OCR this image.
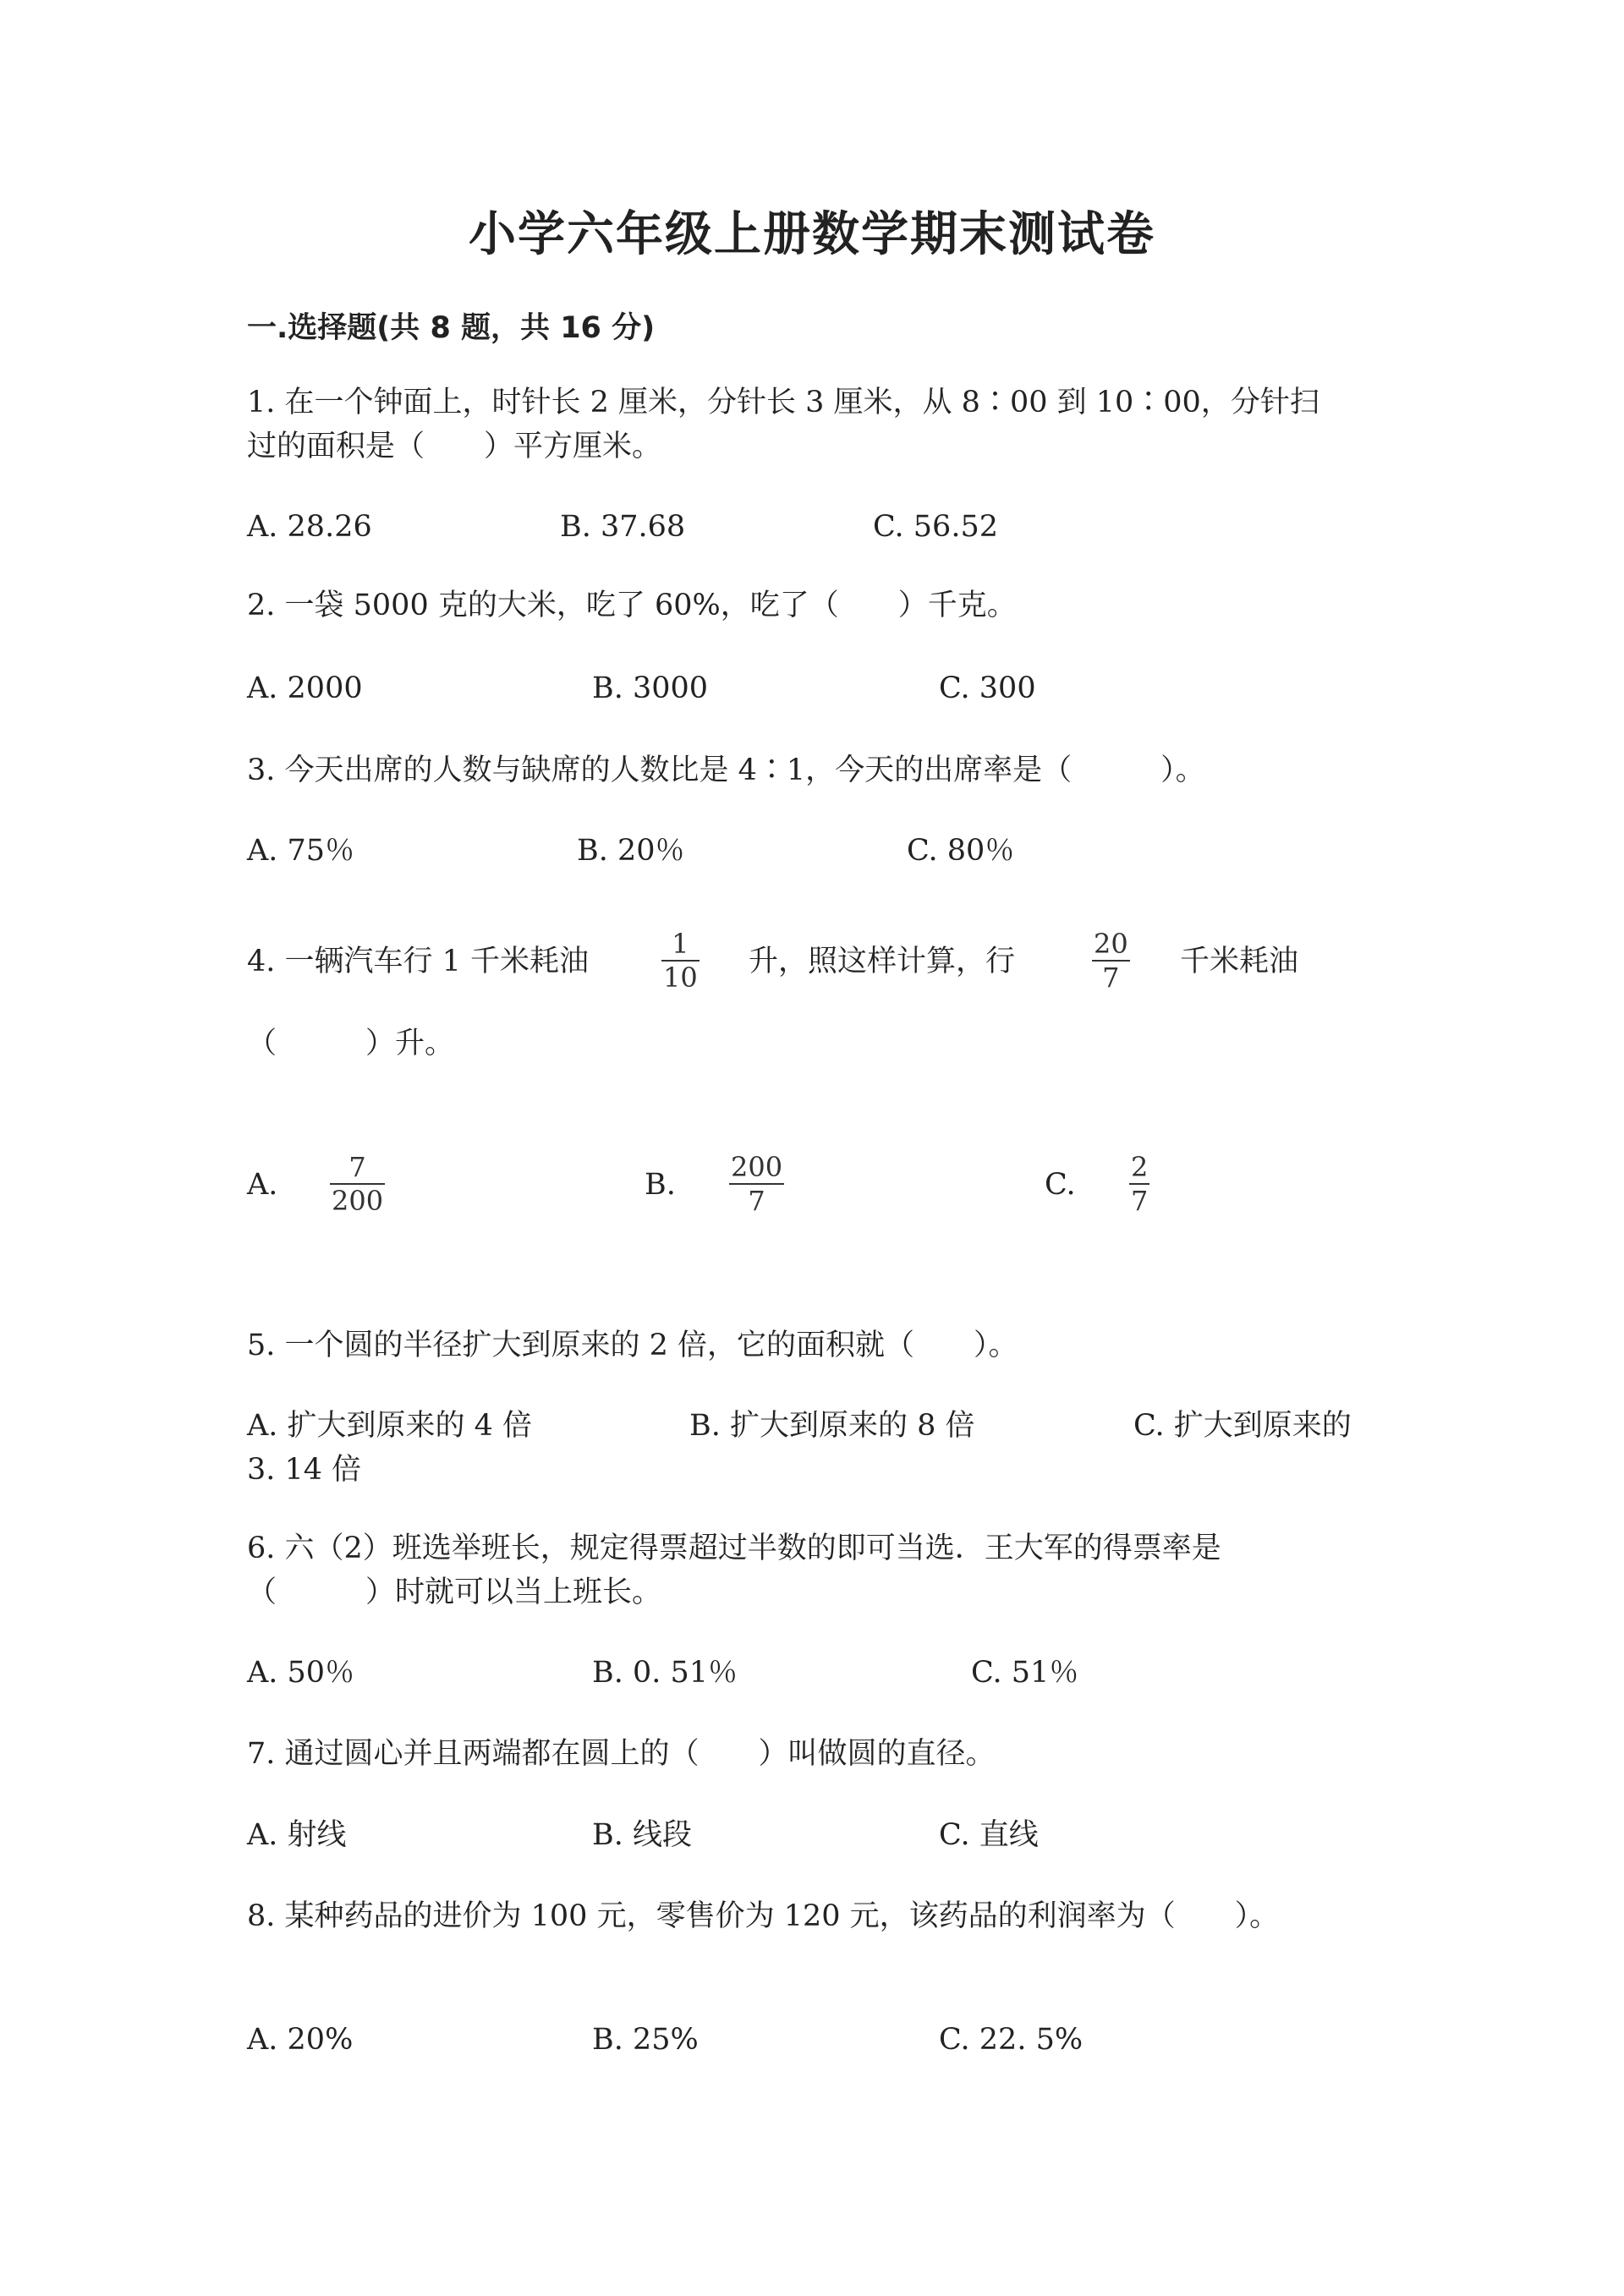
小学六年级上册数学期末测试卷
一.选择题(共 8 题，共 16 分)
1. 在一个钟面上，时针长 2 厘米，分针长 3 厘米，从 8∶00 到 10∶00，分针扫
过的面积是（　　）平方厘米。
A. 28.26	B. 37.68	C. 56.52
2. 一袋 5000 克的大米，吃了 60%，吃了（　　）千克。
A. 2000	B. 3000	C. 300
3. 今天出席的人数与缺席的人数比是 4∶1，今天的出席率是（　　　）。
A. 75％	B. 20％	C. 80％
4. 一辆汽车行 1 千米耗油
1
10 升，照这样计算，行
20
7 千米耗油
（　　　）升。
A.
7
200	B.
200
7	C.
2
7
5. 一个圆的半径扩大到原来的 2 倍，它的面积就（　　）。
A. 扩大到原来的 4 倍	B. 扩大到原来的 8 倍	C. 扩大到原来的
3. 14 倍
6. 六（2）班选举班长，规定得票超过半数的即可当选．王大军的得票率是
（　　　）时就可以当上班长。
A. 50％	B. 0. 51％	C. 51％
7. 通过圆心并且两端都在圆上的（　　）叫做圆的直径。
A. 射线	B. 线段	C. 直线
8. 某种药品的进价为 100 元，零售价为 120 元，该药品的利润率为（　　）。
A. 20%	B. 25%	C. 22. 5%
